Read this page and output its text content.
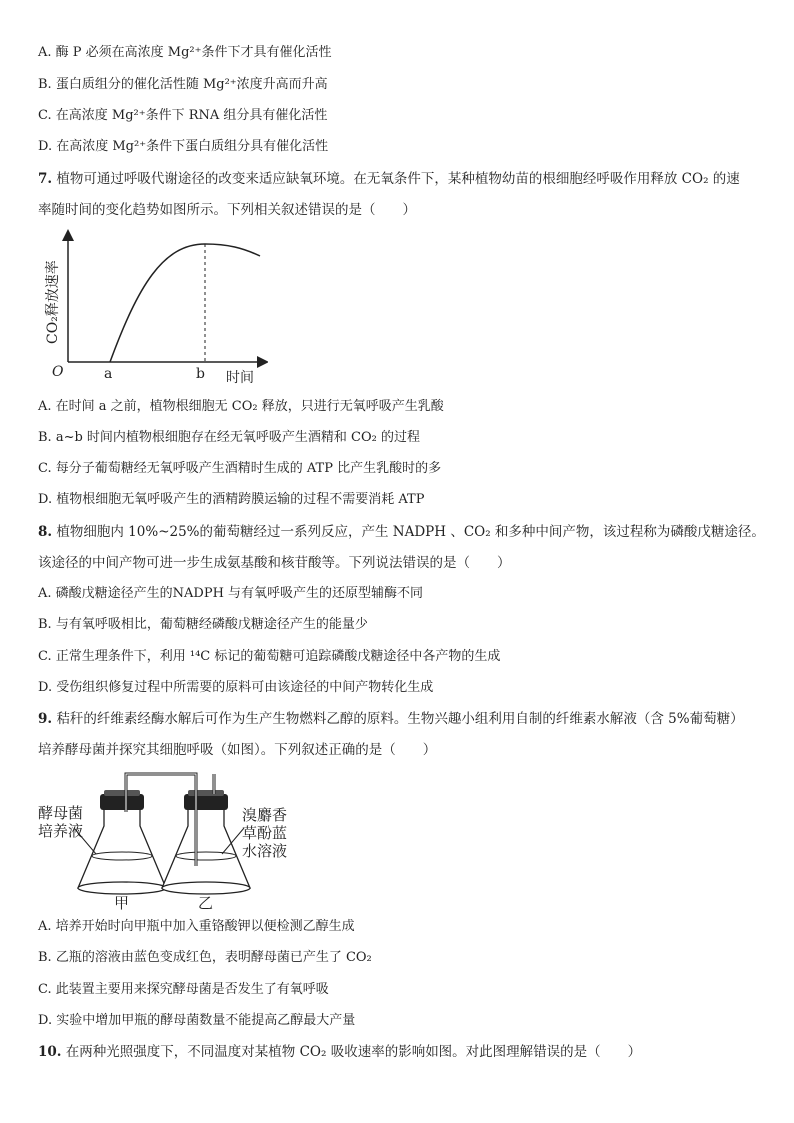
A. 酶 P 必须在高浓度 Mg²⁺条件下才具有催化活性
B. 蛋白质组分的催化活性随 Mg²⁺浓度升高而升高
C. 在高浓度 Mg²⁺条件下 RNA 组分具有催化活性
D. 在高浓度 Mg²⁺条件下蛋白质组分具有催化活性
7. 植物可通过呼吸代谢途径的改变来适应缺氧环境。在无氧条件下，某种植物幼苗的根细胞经呼吸作用释放 CO₂ 的速
率随时间的变化趋势如图所示。下列相关叙述错误的是（　　）
CO₂释放速率
O	a	b 时间
A. 在时间 a 之前，植物根细胞无 CO₂ 释放，只进行无氧呼吸产生乳酸
B. a~b 时间内植物根细胞存在经无氧呼吸产生酒精和 CO₂ 的过程
C. 每分子葡萄糖经无氧呼吸产生酒精时生成的 ATP 比产生乳酸时的多
D. 植物根细胞无氧呼吸产生的酒精跨膜运输的过程不需要消耗 ATP
8. 植物细胞内 10%~25%的葡萄糖经过一系列反应，产生 NADPH 、CO₂ 和多种中间产物，该过程称为磷酸戊糖途径。
该途径的中间产物可进一步生成氨基酸和核苷酸等。下列说法错误的是（　　）
A. 磷酸戊糖途径产生的NADPH 与有氧呼吸产生的还原型辅酶不同
B. 与有氧呼吸相比，葡萄糖经磷酸戊糖途径产生的能量少
C. 正常生理条件下，利用 ¹⁴C 标记的葡萄糖可追踪磷酸戊糖途径中各产物的生成
D. 受伤组织修复过程中所需要的原料可由该途径的中间产物转化生成
9. 秸秆的纤维素经酶水解后可作为生产生物燃料乙醇的原料。生物兴趣小组利用自制的纤维素水解液（含 5%葡萄糖）
培养酵母菌并探究其细胞呼吸（如图）。下列叙述正确的是（　　）
酵母菌
培养液
溴麝香
草酚蓝
水溶液
甲	乙
A. 培养开始时向甲瓶中加入重铬酸钾以便检测乙醇生成
B. 乙瓶的溶液由蓝色变成红色，表明酵母菌已产生了 CO₂
C. 此装置主要用来探究酵母菌是否发生了有氧呼吸
D. 实验中增加甲瓶的酵母菌数量不能提高乙醇最大产量
10. 在两种光照强度下，不同温度对某植物 CO₂ 吸收速率的影响如图。对此图理解错误的是（　　）
